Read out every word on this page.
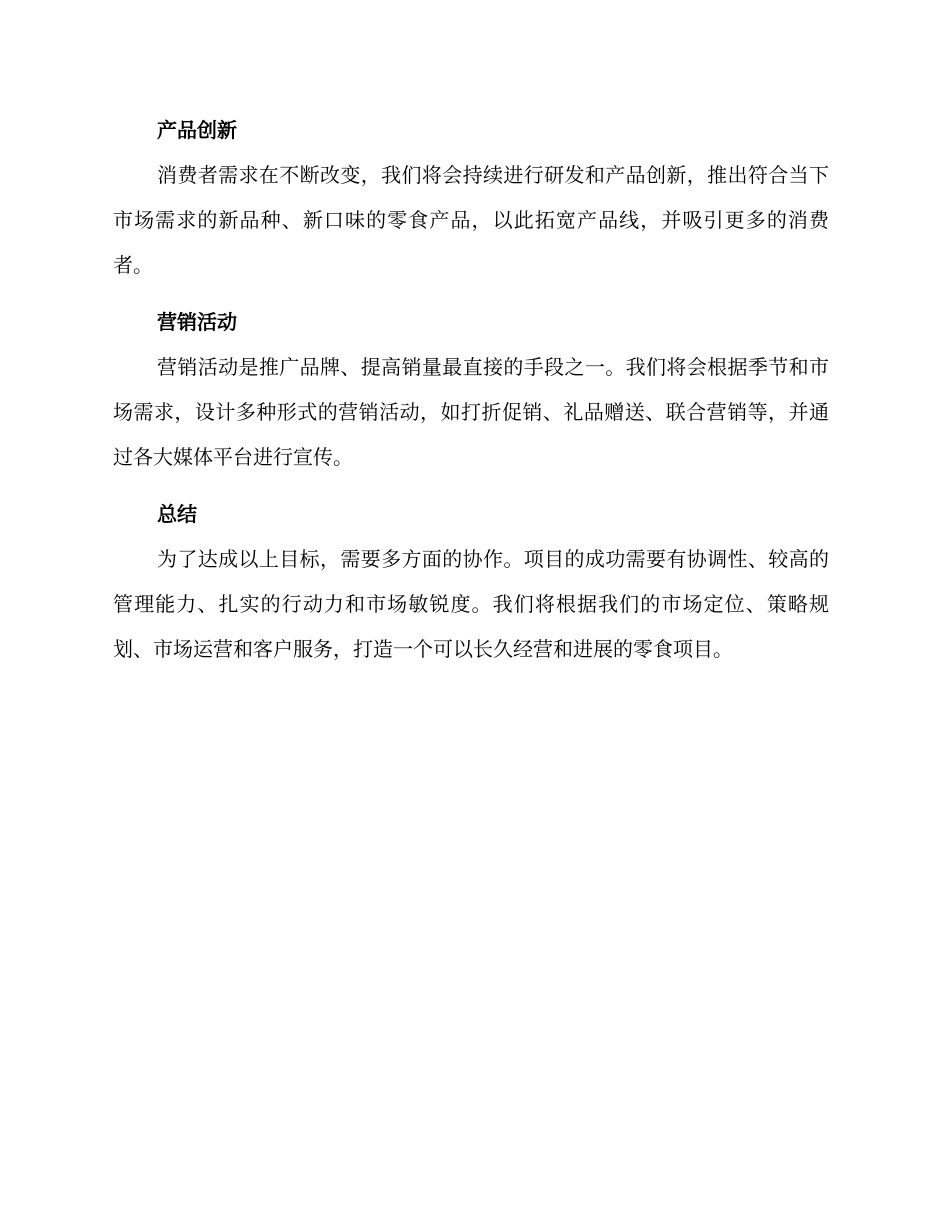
产品创新

消费者需求在不断改变，我们将会持续进行研发和产品创新，推出符合当下市场需求的新品种、新口味的零食产品，以此拓宽产品线，并吸引更多的消费者。

营销活动

营销活动是推广品牌、提高销量最直接的手段之一。我们将会根据季节和市场需求，设计多种形式的营销活动，如打折促销、礼品赠送、联合营销等，并通过各大媒体平台进行宣传。

总结

为了达成以上目标，需要多方面的协作。项目的成功需要有协调性、较高的管理能力、扎实的行动力和市场敏锐度。我们将根据我们的市场定位、策略规划、市场运营和客户服务，打造一个可以长久经营和进展的零食项目。
